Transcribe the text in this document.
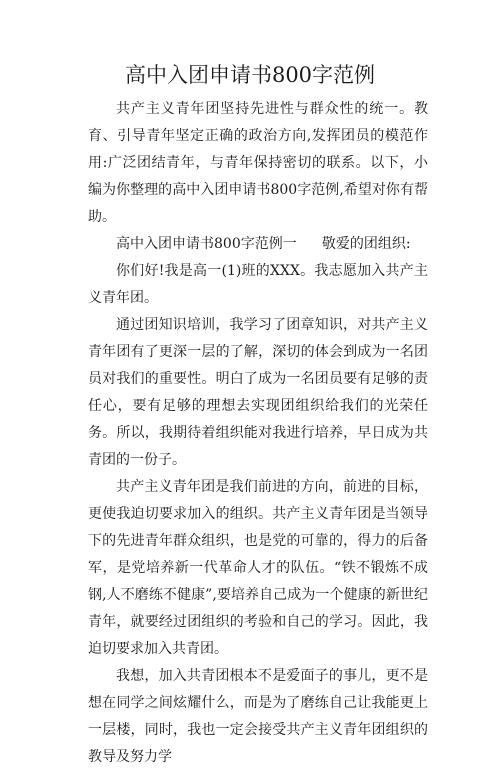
高中入团申请书800字范例

共产主义青年团坚持先进性与群众性的统一。教育、引导青年坚定正确的政治方向,发挥团员的模范作用:广泛团结青年，与青年保持密切的联系。以下，小编为你整理的高中入团申请书800字范例,希望对你有帮助。

高中入团申请书800字范例一 敬爱的团组织:

你们好!我是高一(1)班的XXX。我志愿加入共产主义青年团。

通过团知识培训，我学习了团章知识，对共产主义青年团有了更深一层的了解，深切的体会到成为一名团员对我们的重要性。明白了成为一名团员要有足够的责任心，要有足够的理想去实现团组织给我们的光荣任务。所以，我期待着组织能对我进行培养，早日成为共青团的一份子。

共产主义青年团是我们前进的方向，前进的目标，更使我迫切要求加入的组织。共产主义青年团是当领导下的先进青年群众组织，也是党的可靠的，得力的后备军，是党培养新一代革命人才的队伍。“铁不锻炼不成钢,人不磨练不健康”,要培养自己成为一个健康的新世纪青年，就要经过团组织的考验和自己的学习。因此，我迫切要求加入共青团。

我想，加入共青团根本不是爱面子的事儿，更不是想在同学之间炫耀什么，而是为了磨练自己让我能更上一层楼，同时，我也一定会接受共产主义青年团组织的教导及努力学
